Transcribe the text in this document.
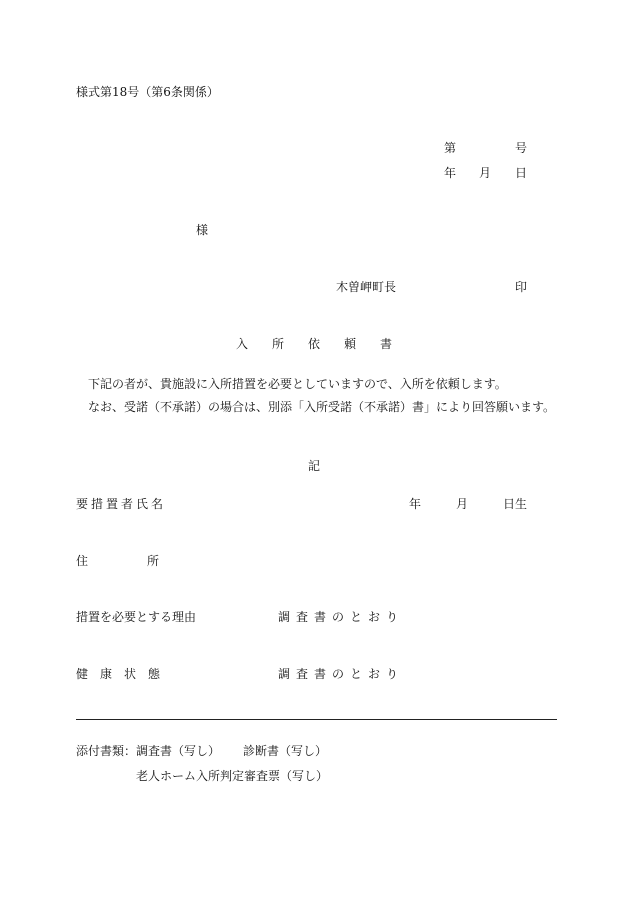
様式第18号（第6条関係）
第	号
年 月 日
様
木曽岬町長	印
入 所 依 頼 書
下記の者が、貴施設に入所措置を必要としていますので、入所を依頼します。
なお、受諾（不承諾）の場合は、別添「入所受諾（不承諾）書」により回答願います。
記
要措置者氏名	年	月	日生
住	所
措置を必要とする理由	調査書のとおり
健康状態	調査書のとおり
添付書類： 調査書（写し） 診断書（写し）
老人ホーム入所判定審査票（写し）
